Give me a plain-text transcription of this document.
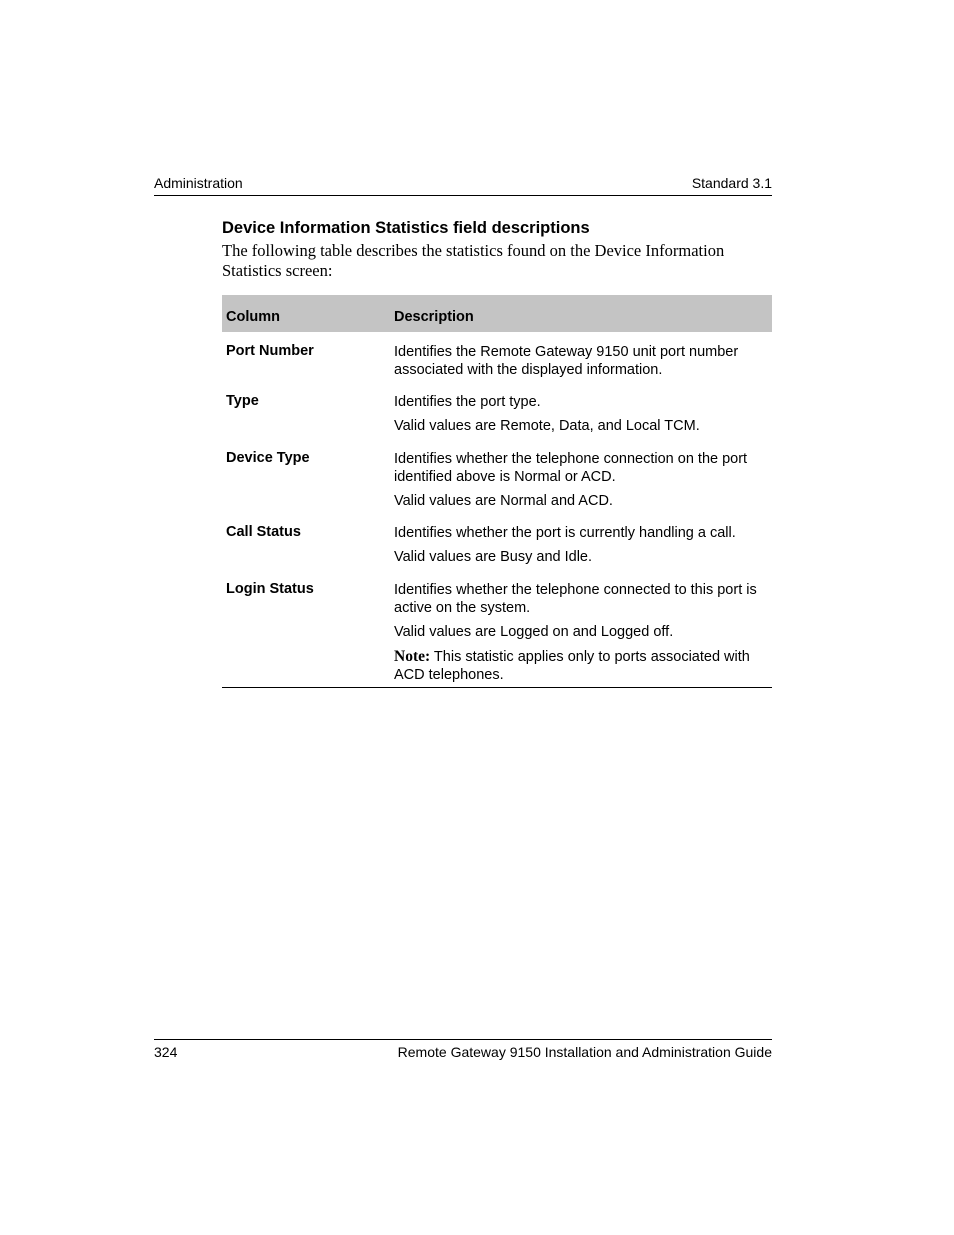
Administration	Standard 3.1
Device Information Statistics field descriptions
The following table describes the statistics found on the Device Information Statistics screen:
Column	Description
Port Number	Identifies the Remote Gateway 9150 unit port number associated with the displayed information.

Type	Identifies the port type.

Valid values are Remote, Data, and Local TCM.

Device Type	Identifies whether the telephone connection on the port identified above is Normal or ACD.

Valid values are Normal and ACD.

Call Status	Identifies whether the port is currently handling a call.

Valid values are Busy and Idle.

Login Status	Identifies whether the telephone connected to this port is active on the system.

Valid values are Logged on and Logged off.

Note: This statistic applies only to ports associated with ACD telephones.

324	Remote Gateway 9150 Installation and Administration Guide
